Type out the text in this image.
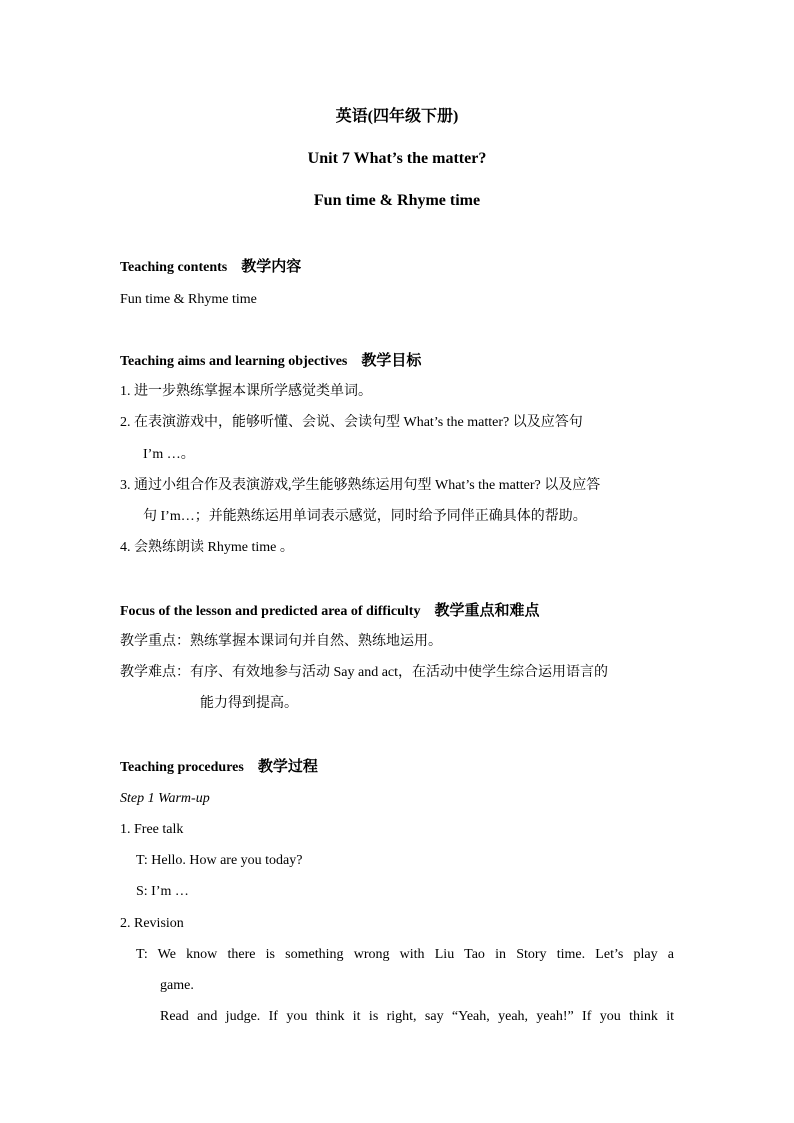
英语(四年级下册)
Unit 7 What’s the matter?
Fun time & Rhyme time
Teaching contents 教学内容
Fun time & Rhyme time
Teaching aims and learning objectives 教学目标
1. 进一步熟练掌握本课所学感觉类单词。
2. 在表演游戏中，能够听懂、会说、会读句型 What’s the matter? 以及应答句
I’m …。
3. 通过小组合作及表演游戏,学生能够熟练运用句型 What’s the matter? 以及应答
句 I’m…；并能熟练运用单词表示感觉，同时给予同伴正确具体的帮助。
4. 会熟练朗读 Rhyme time 。
Focus of the lesson and predicted area of difficulty 教学重点和难点
教学重点：熟练掌握本课词句并自然、熟练地运用。
教学难点：有序、有效地参与活动 Say and act，在活动中使学生综合运用语言的
能力得到提高。
Teaching procedures 教学过程
Step 1 Warm-up
1. Free talk
T: Hello. How are you today?
S: I’m …
2. Revision
T: We know there is something wrong with Liu Tao in Story time. Let’s play a
game.
Read and judge. If you think it is right, say “Yeah, yeah, yeah!” If you think it
